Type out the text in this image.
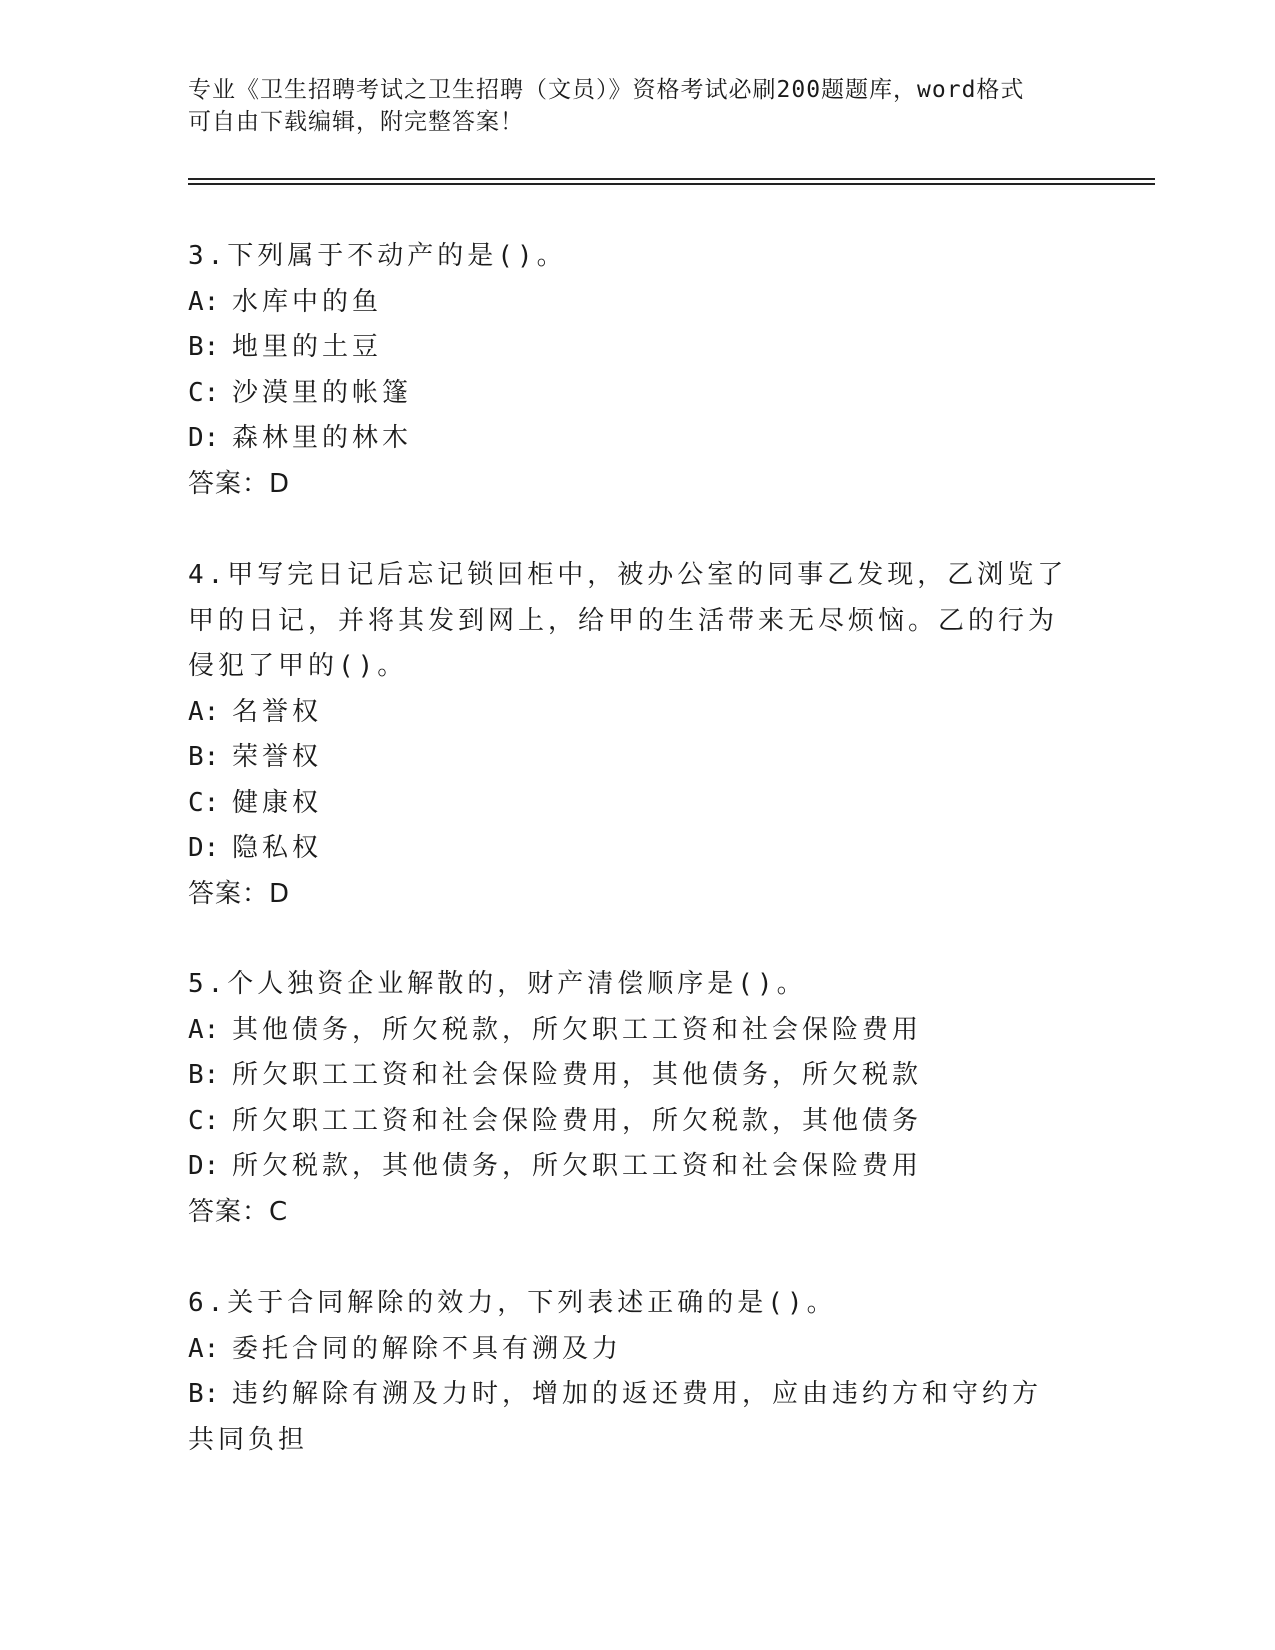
专业《卫生招聘考试之卫生招聘（文员）》资格考试必刷200题题库，word格式
可自由下载编辑，附完整答案！
3.下列属于不动产的是()。
A: 水库中的鱼
B: 地里的土豆
C: 沙漠里的帐篷
D: 森林里的林木
答案：D
4.甲写完日记后忘记锁回柜中，被办公室的同事乙发现，乙浏览了甲的日记，并将其发到网上，给甲的生活带来无尽烦恼。乙的行为侵犯了甲的()。
A: 名誉权
B: 荣誉权
C: 健康权
D: 隐私权
答案：D
5.个人独资企业解散的，财产清偿顺序是()。
A: 其他债务，所欠税款，所欠职工工资和社会保险费用
B: 所欠职工工资和社会保险费用，其他债务，所欠税款
C: 所欠职工工资和社会保险费用，所欠税款，其他债务
D: 所欠税款，其他债务，所欠职工工资和社会保险费用
答案：C
6.关于合同解除的效力，下列表述正确的是()。
A: 委托合同的解除不具有溯及力
B: 违约解除有溯及力时，增加的返还费用，应由违约方和守约方共同负担
